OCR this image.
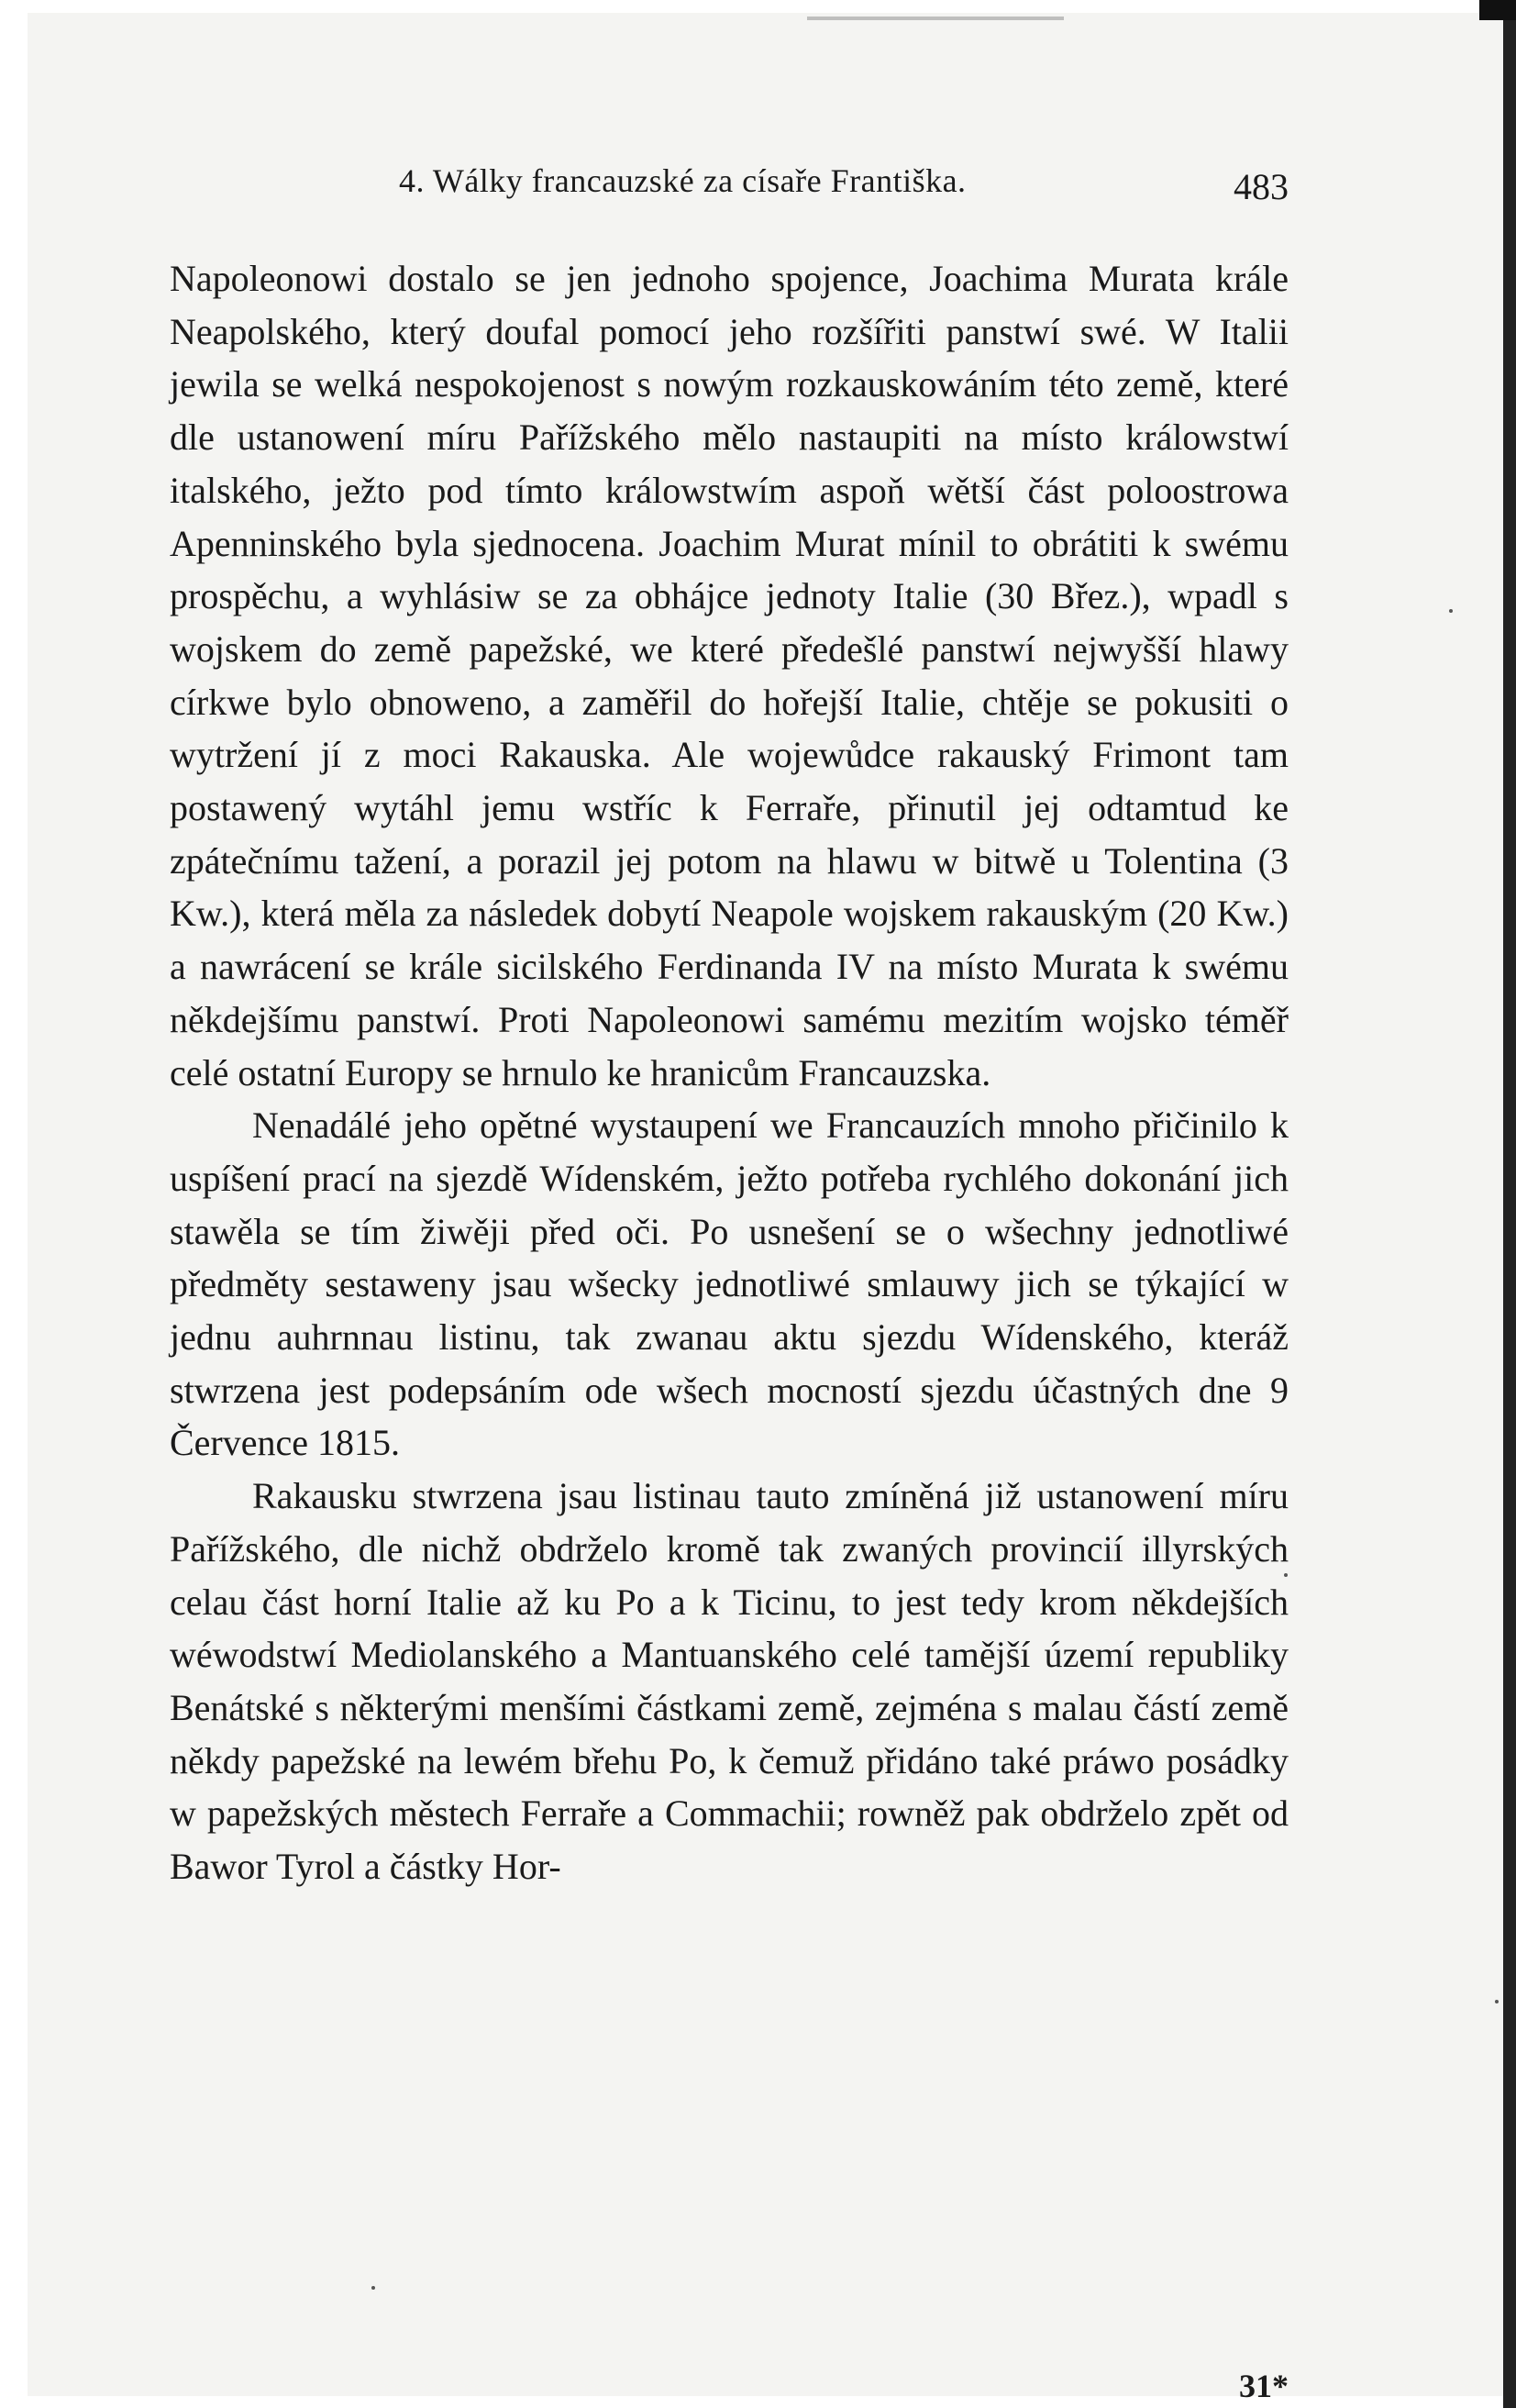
4. Wálky francauzské za císaře Františka.	483

Napoleonowi dostalo se jen jednoho spojence, Joachima Murata krále Neapolského, který doufal pomocí jeho rozšířiti panstwí swé. W Italii jewila se welká nespokojenost s nowým rozkauskowáním této země, které dle ustanowení míru Pařížského mělo nastaupiti na místo králowstwí italského, ježto pod tímto králowstwím aspoň wětší část poloostrowa Apenninského byla sjednocena. Joachim Murat mínil to obrátiti k swému prospěchu, a wyhlásiw se za obhájce jednoty Italie (30 Břez.), wpadl s wojskem do země papežské, we které předešlé panstwí nejwyšší hlawy církwe bylo obnoweno, a zaměřil do hořejší Italie, chtěje se pokusiti o wytržení jí z moci Rakauska. Ale wojewůdce rakauský Frimont tam postawený wytáhl jemu wstříc k Ferraře, přinutil jej odtamtud ke zpátečnímu tažení, a porazil jej potom na hlawu w bitwě u Tolentina (3 Kw.), která měla za následek dobytí Neapole wojskem rakauským (20 Kw.) a nawrácení se krále sicilského Ferdinanda IV na místo Murata k swému někdejšímu panstwí. Proti Napoleonowi samému mezitím wojsko téměř celé ostatní Europy se hrnulo ke hranicům Francauzska.

Nenadálé jeho opětné wystaupení we Francauzích mnoho přičinilo k uspíšení prací na sjezdě Wídenském, ježto potřeba rychlého dokonání jich stawěla se tím žiwěji před oči. Po usnešení se o wšechny jednotliwé předměty sestaweny jsau wšecky jednotliwé smlauwy jich se týkající w jednu auhrnnau listinu, tak zwanau aktu sjezdu Wídenského, kteráž stwrzena jest podepsáním ode wšech mocností sjezdu účastných dne 9 Července 1815.

Rakausku stwrzena jsau listinau tauto zmíněná již ustanowení míru Pařížského, dle nichž obdrželo kromě tak zwaných provincií illyrských celau část horní Italie až ku Po a k Ticinu, to jest tedy krom někdejších wéwodstwí Mediolanského a Mantuanského celé tamější území republiky Benátské s některými menšími částkami země, zejména s malau částí země někdy papežské na lewém břehu Po, k čemuž přidáno také práwo posádky w papežských městech Ferraře a Commachii; rowněž pak obdrželo zpět od Bawor Tyrol a částky Hor-

31*
